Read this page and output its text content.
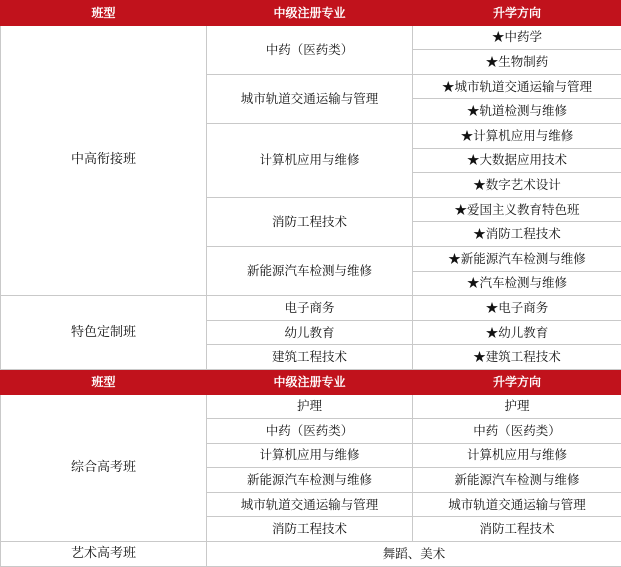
班型	中级注册专业	升学方向
中高衔接班	中药（医药类）	★中药学
		★生物制药
	城市轨道交通运输与管理	★城市轨道交通运输与管理
		★轨道检测与维修
	计算机应用与维修	★计算机应用与维修
		★大数据应用技术
		★数字艺术设计
	消防工程技术	★爱国主义教育特色班
		★消防工程技术
	新能源汽车检测与维修	★新能源汽车检测与维修
		★汽车检测与维修
特色定制班	电子商务	★电子商务
	幼儿教育	★幼儿教育
	建筑工程技术	★建筑工程技术
班型	中级注册专业	升学方向
综合高考班	护理	护理
	中药（医药类）	中药（医药类）
	计算机应用与维修	计算机应用与维修
	新能源汽车检测与维修	新能源汽车检测与维修
	城市轨道交通运输与管理	城市轨道交通运输与管理
	消防工程技术	消防工程技术
艺术高考班	舞蹈、美术	
